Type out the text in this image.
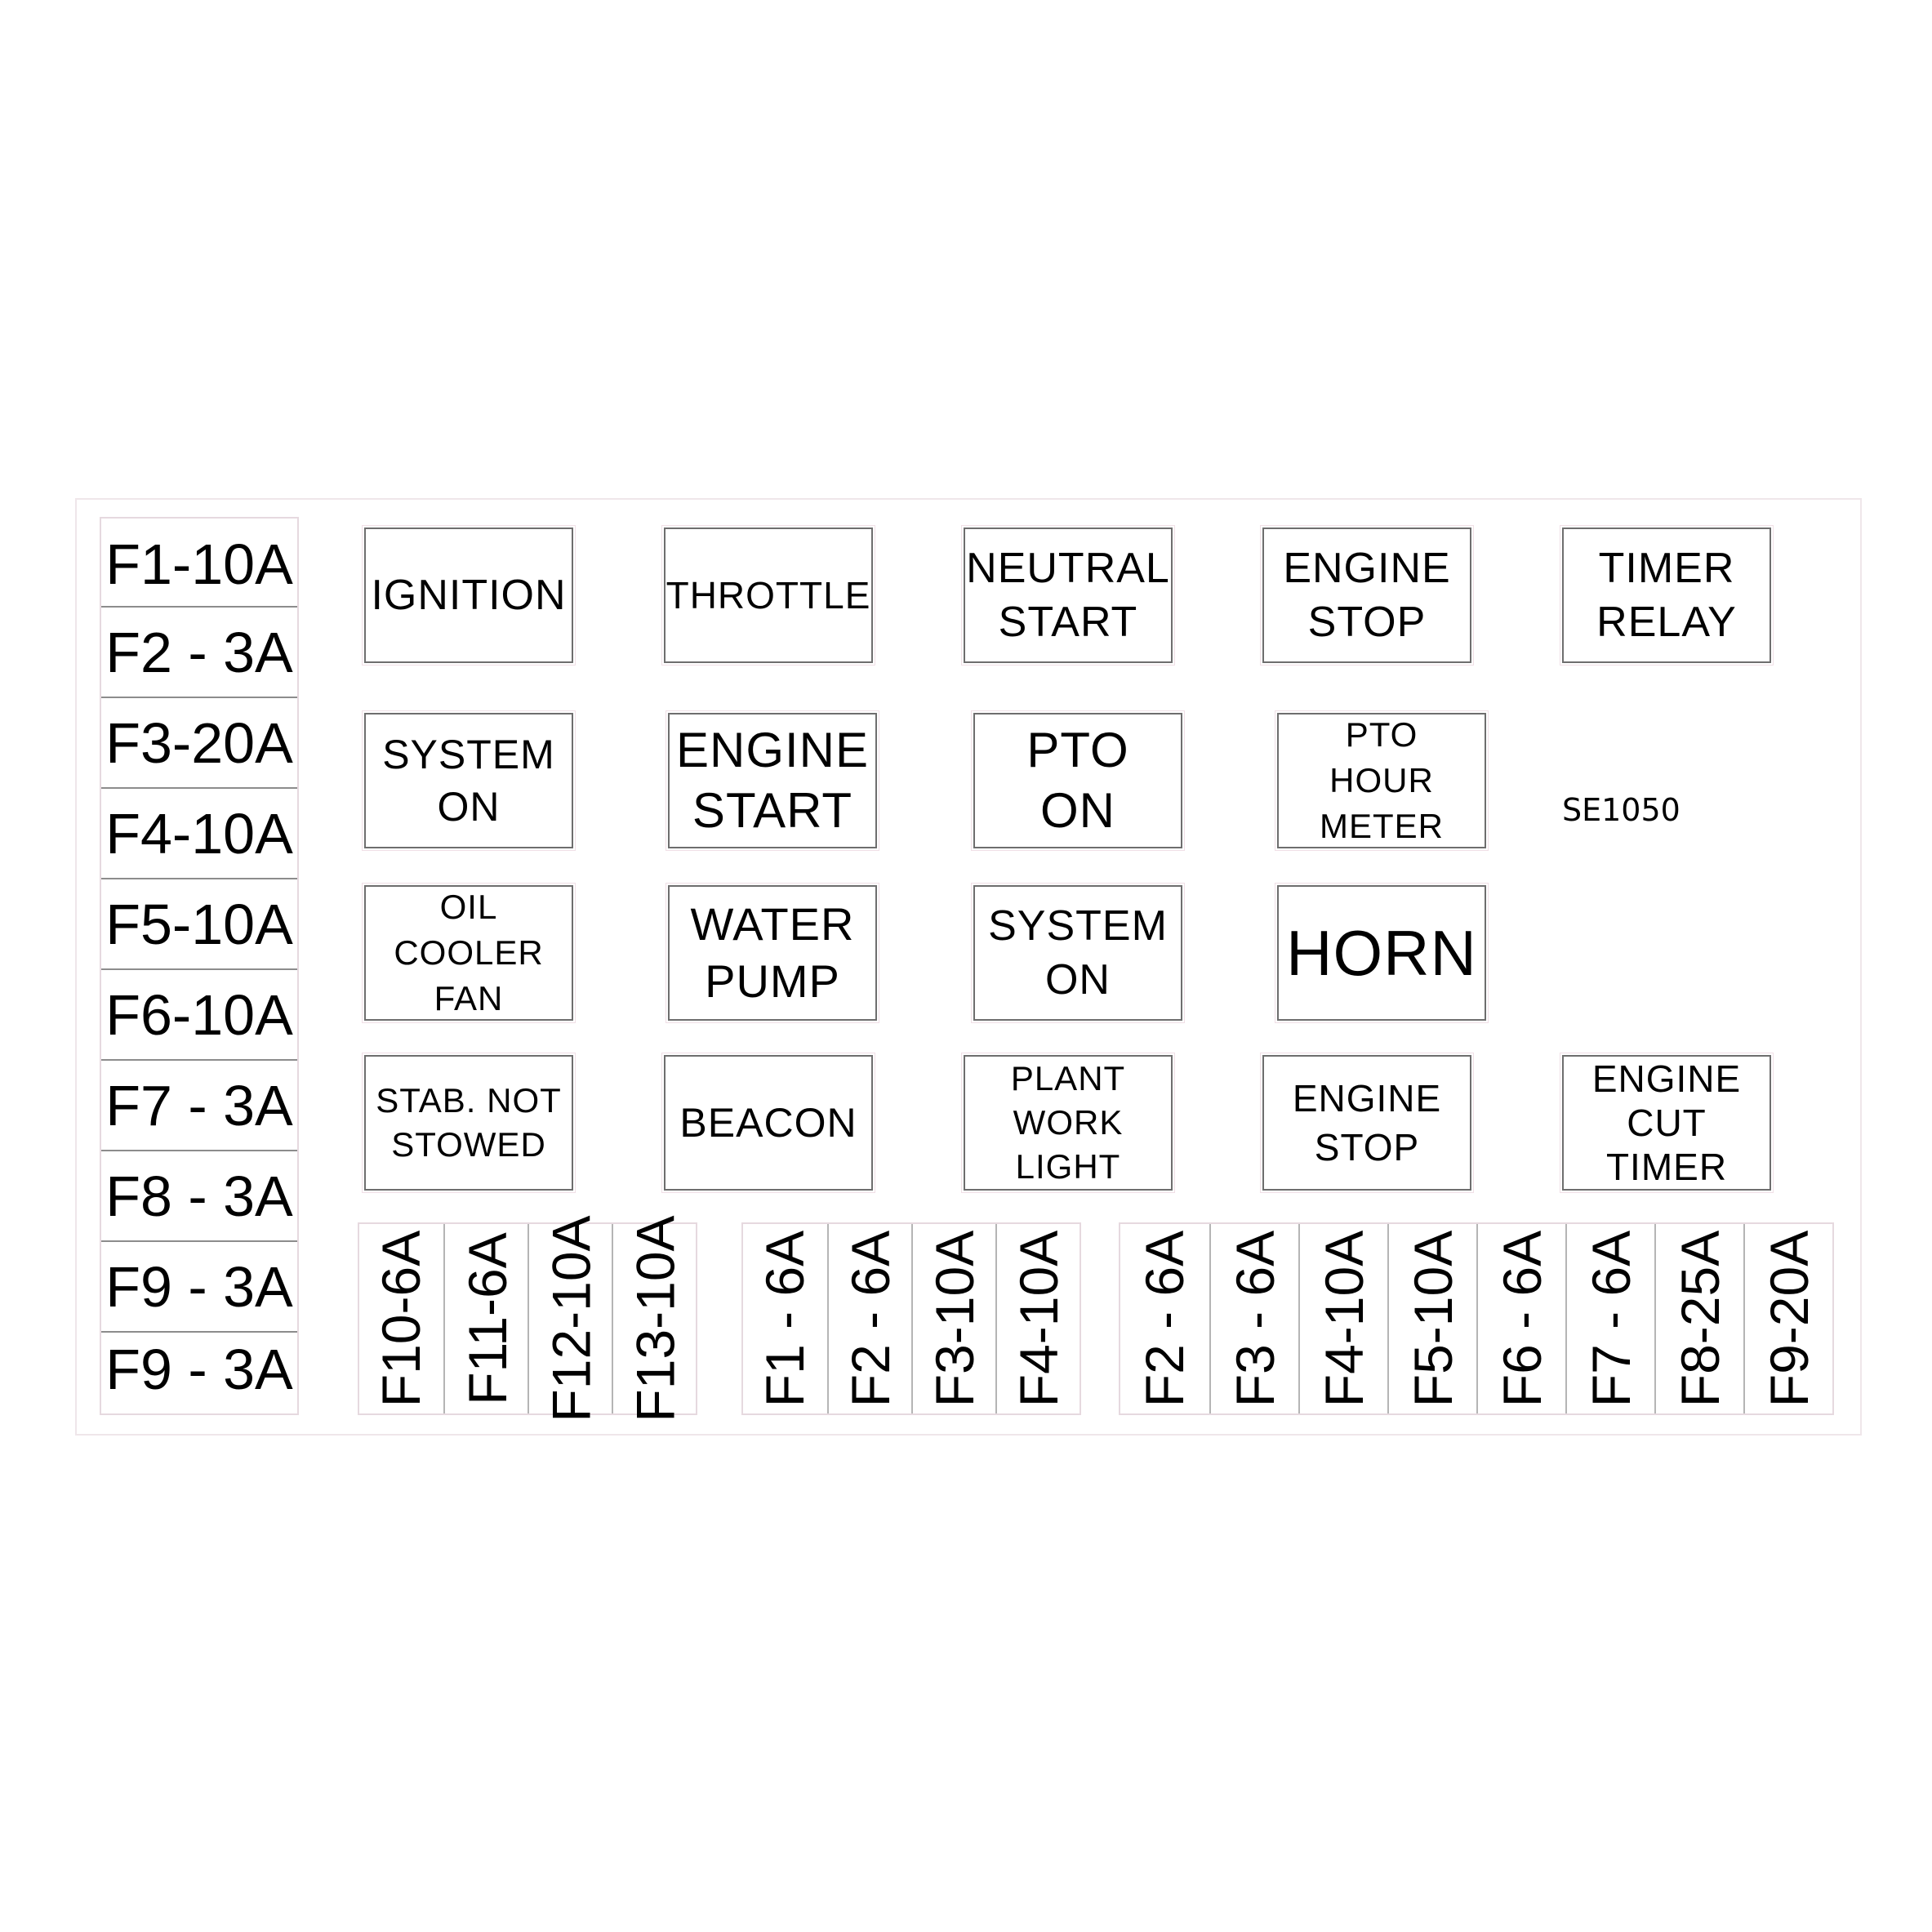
F1-10A
F2 - 3A
F3-20A
F4-10A
F5-10A
F6-10A
F7 - 3A
F8 - 3A
F9 - 3A
F9 - 3A
IGNITION	THROTTLE
NEUTRAL
START
ENGINE
STOP
TIMER
RELAY
SYSTEM
ON
ENGINE
START
PTO
ON
PTO
HOUR
METER	SE1050
OIL
COOLER
FAN
WATER
PUMP
SYSTEM
ON	HORN
STAB. NOT
STOWED	BEACON
PLANT
WORK
LIGHT
ENGINE
STOP
ENGINE
CUT
TIMER
F10-6A F11-6A F12-10A F13-10A F1 - 6A F2 - 6A F3-10A F4-10A F2 - 6A F3 - 6A F4-10A F5-10A F6 - 6A F7 - 6A F8-25A F9-20A
